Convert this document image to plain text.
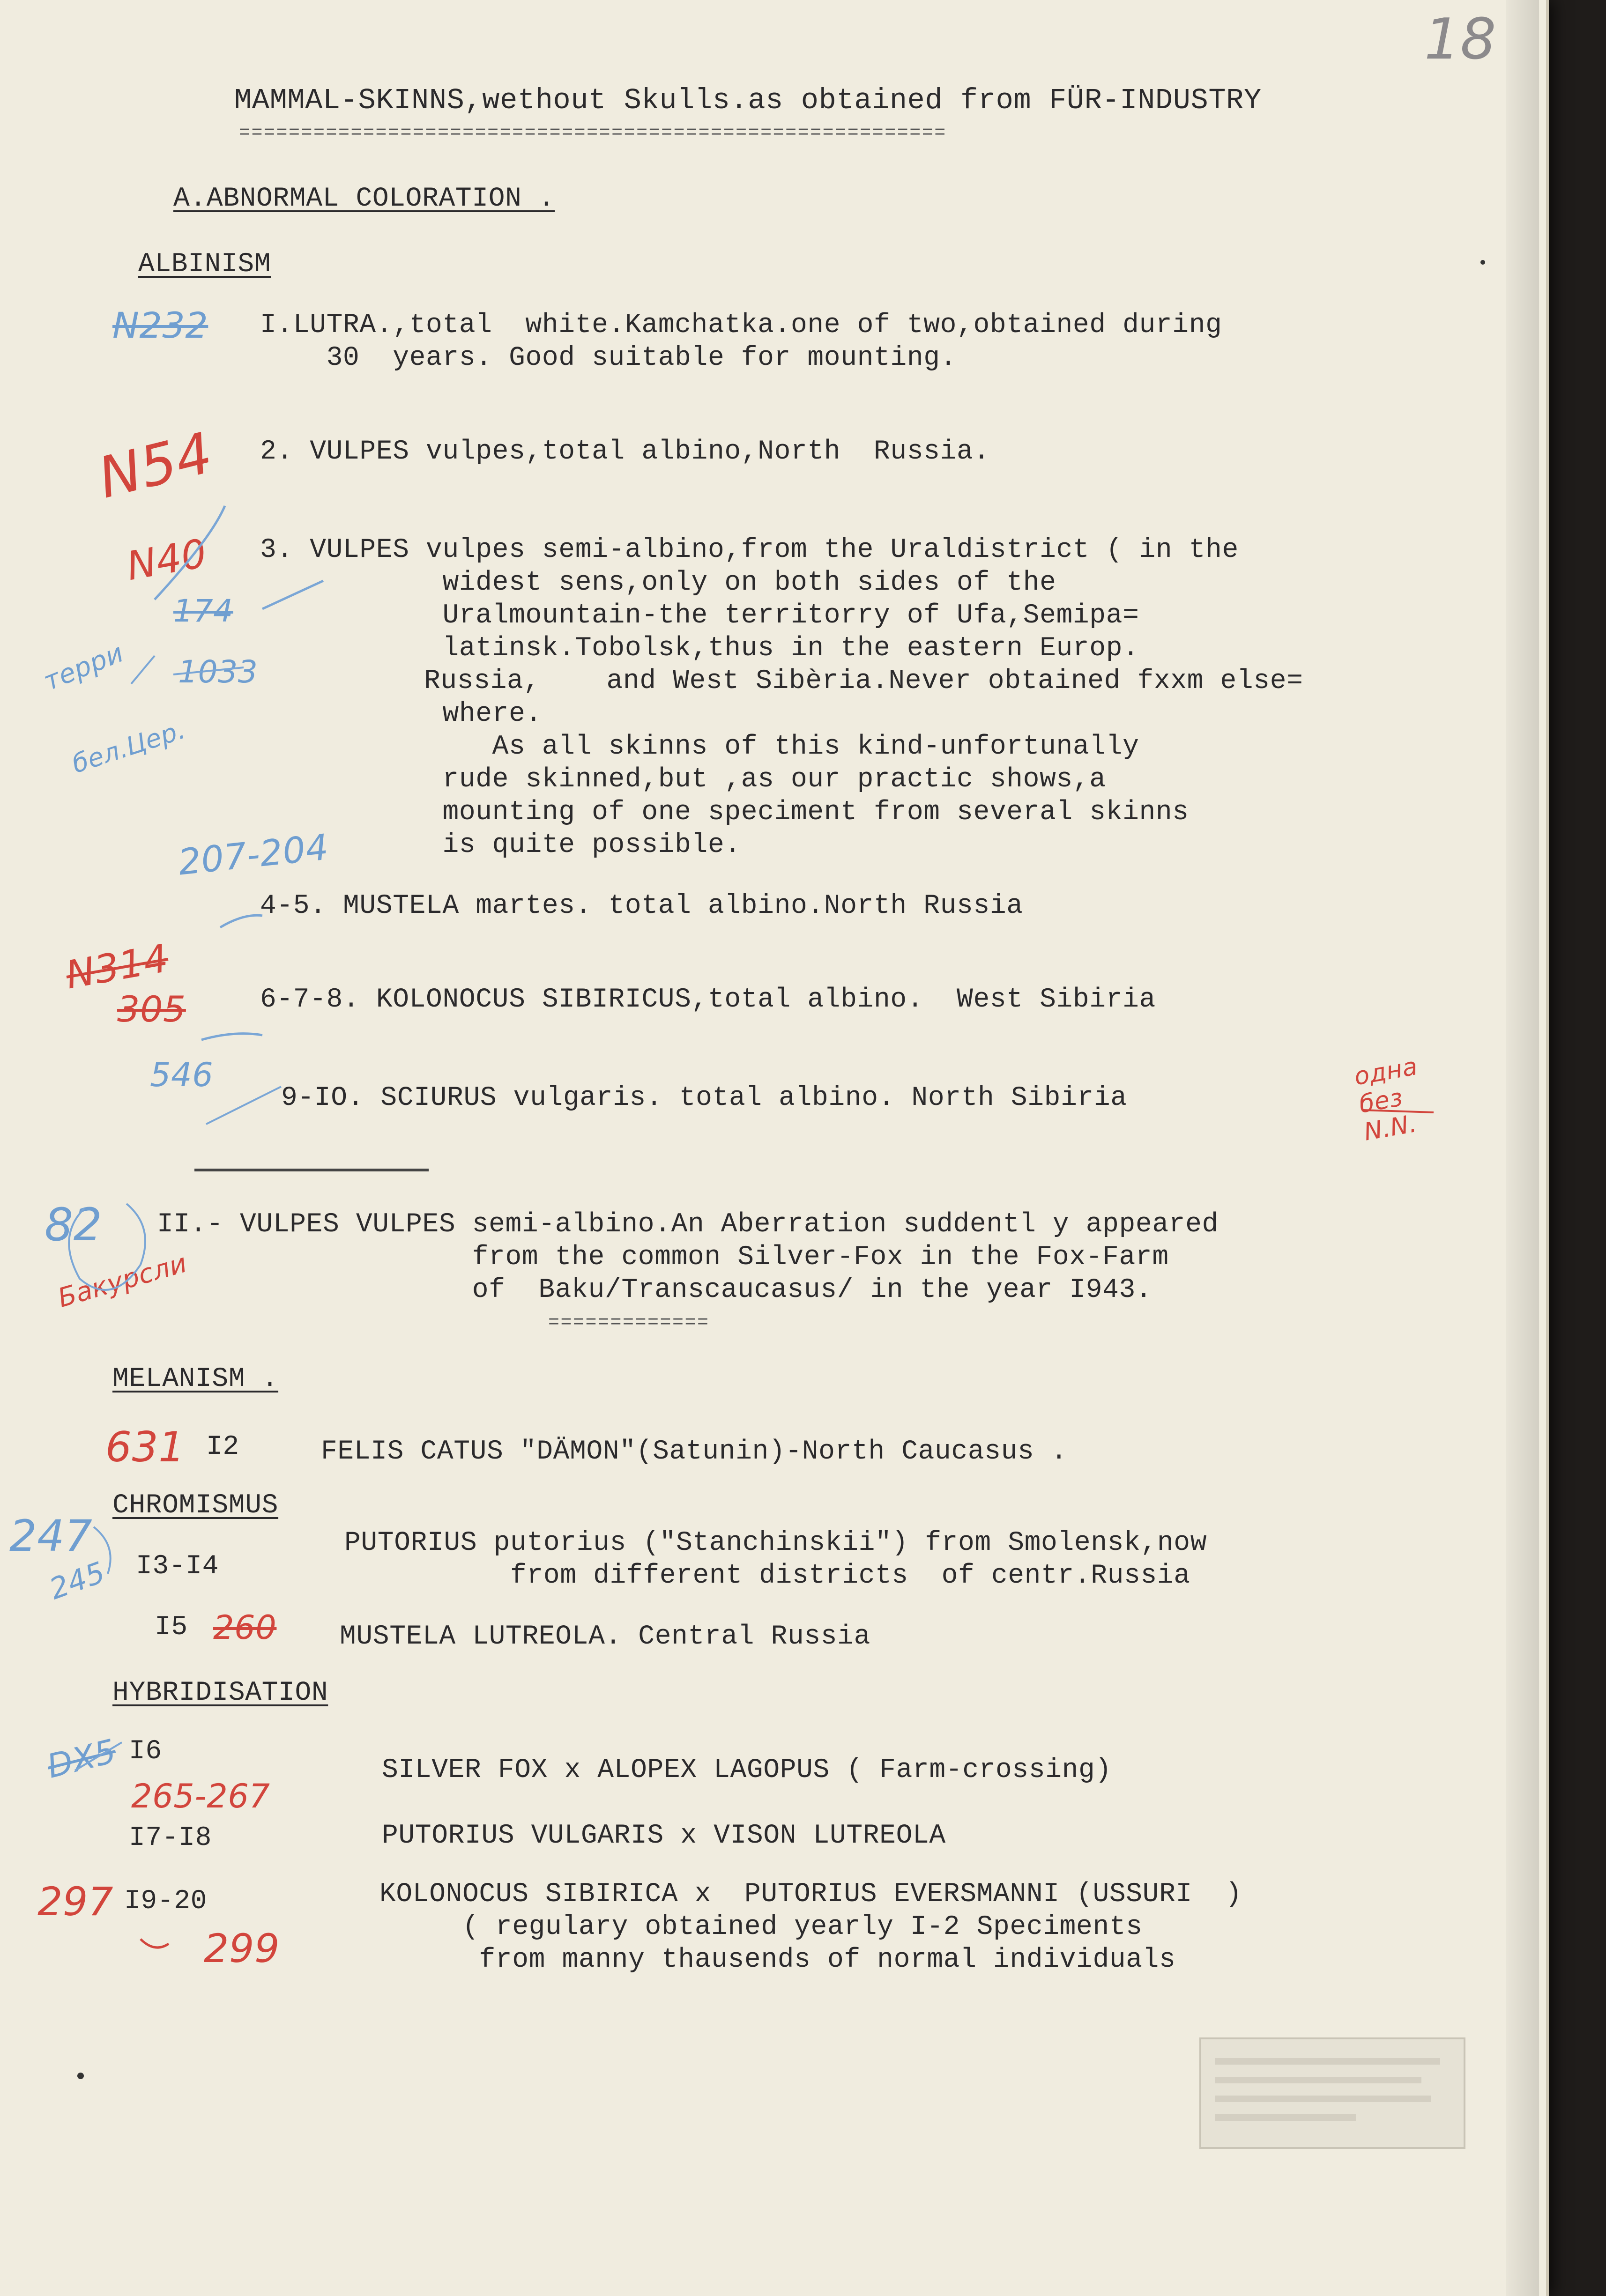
18
MAMMAL-SKINNS,wethout Skulls.as obtained from FÜR-INDUSTRY
=========================================================
A.ABNORMAL COLORATION .
ALBINISM
N232 I.LUTRA.,total  white.Kamchatka.one of two,obtained during
30  years. Good suitable for mounting.
N54 2. VULPES vulpes,total albino,North  Russia.
N40
174
1033
терри
бел.Цер.
3. VULPES vulpes semi-albino,from the Uraldistrict ( in the
widest sens,only on both sides of the
Uralmountain-the territorry of Ufa,Semipa=
latinsk.Tobolsk,thus in the eastern Europ.
Russia,    and West Sibèria.Never obtained fxxm else=
where.
As all skinns of this kind-unfortunally
rude skinned,but ,as our practic shows,a
mounting of one speciment from several skinns
is quite possible.
207-204
4-5. MUSTELA martes. total albino.North Russia
N314
305
546
6-7-8. KOLONOCUS SIBIRICUS,total albino.  West Sibiria
9-IO. SCIURUS vulgaris. total albino. North Sibiria
одна без N.N.
82
Бакурсли
II.- VULPES VULPES semi-albino.An Aberration suddentl y appeared
from the common Silver-Fox in the Fox-Farm
of  Baku/Transcaucasus/ in the year I943.
=============
MELANISM .
631 I2	FELIS CATUS "DÄMON"(Satunin)-North Caucasus .
CHROMISMUS
247
245 I3-I4
PUTORIUS putorius ("Stanchinskii") from Smolensk,now
from different districts  of centr.Russia
I5 260 MUSTELA LUTREOLA. Central Russia
HYBRIDISATION
DX5 I6
SILVER FOX x ALOPEX LAGOPUS ( Farm-crossing)
265-267
I7-I8	PUTORIUS VULGARIS x VISON LUTREOLA
297 I9-20
299
KOLONOCUS SIBIRICA x  PUTORIUS EVERSMANNI (USSURI  )
( regulary obtained yearly I-2 Speciments
from manny thausends of normal individuals
